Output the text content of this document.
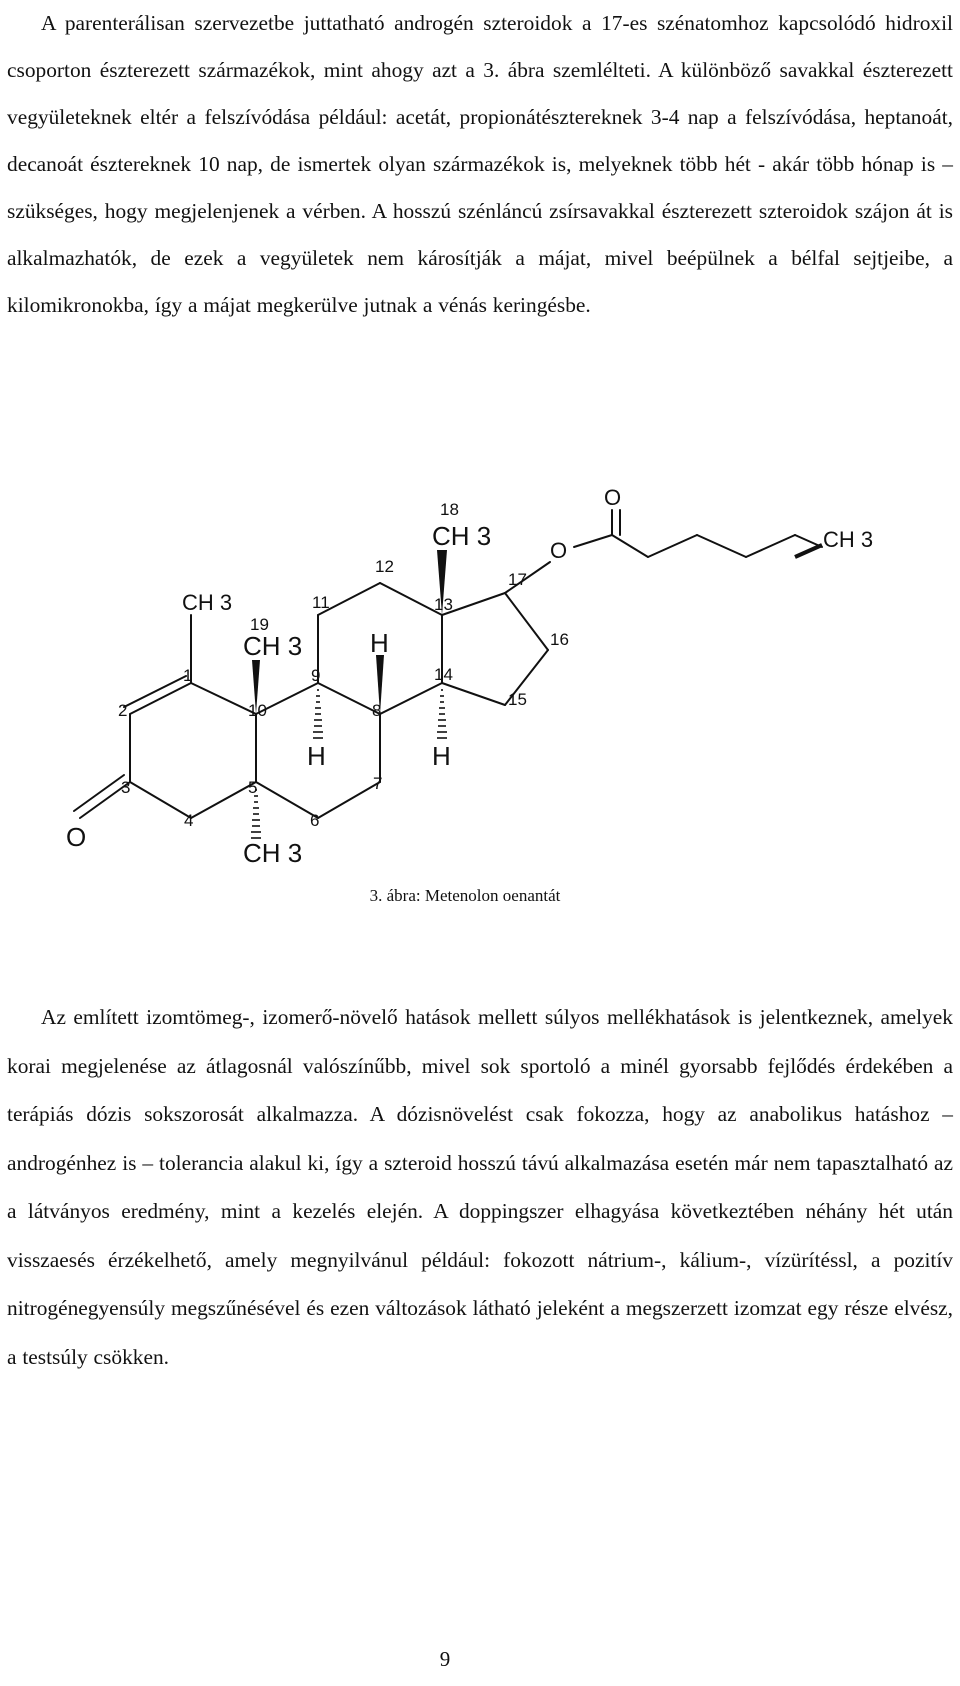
A parenterálisan szervezetbe juttatható androgén szteroidok a 17-es szénatomhoz kapcsolódó hidroxil csoporton észterezett származékok, mint ahogy azt a 3. ábra szemlélteti. A különböző savakkal észterezett vegyületeknek eltér a felszívódása például: acetát, propionátésztereknek 3-4 nap a felszívódása, heptanoát, decanoát észtereknek 10 nap, de ismertek olyan származékok is, melyeknek több hét - akár több hónap is – szükséges, hogy megjelenjenek a vérben. A hosszú szénláncú zsírsavakkal észterezett szteroidok szájon át is alkalmazhatók, de ezek a vegyületek nem károsítják a májat, mivel beépülnek a bélfal sejtjeibe, a kilomikronokba, így a májat megkerülve jutnak a vénás keringésbe.

O
O	CH 3
CH 3
18
12
17
CH 3	11	13
19
CH 3	H	16
1	9	14
15
2	10	8
H	H
3	5	7
O
4	6
CH 3

3. ábra: Metenolon oenantát

Az említett izomtömeg-, izomerő-növelő hatások mellett súlyos mellékhatások is jelentkeznek, amelyek korai megjelenése az átlagosnál valószínűbb, mivel sok sportoló a minél gyorsabb fejlődés érdekében a terápiás dózis sokszorosát alkalmazza. A dózisnövelést csak fokozza, hogy az anabolikus hatáshoz – androgénhez is – tolerancia alakul ki, így a szteroid hosszú távú alkalmazása esetén már nem tapasztalható az a látványos eredmény, mint a kezelés elején. A doppingszer elhagyása következtében néhány hét után visszaesés érzékelhető, amely megnyilvánul például: fokozott nátrium-, kálium-, vízürítéssl, a pozitív nitrogénegyensúly megszűnésével és ezen változások látható jeleként a megszerzett izomzat egy része elvész, a testsúly csökken.

9
